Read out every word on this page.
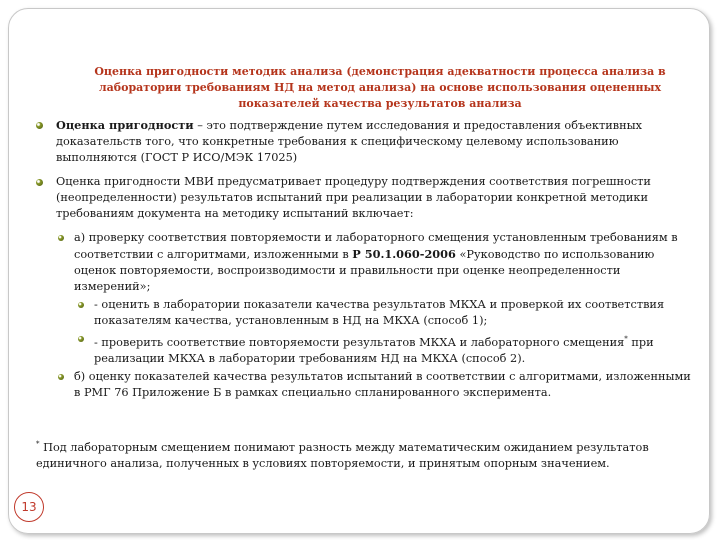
Оценка пригодности методик анализа (демонстрация адекватности процесса анализа в лаборатории требованиям НД на метод анализа) на основе использования оцененных показателей качества результатов анализа
Оценка пригодности – это подтверждение путем исследования и предоставления объективных доказательств того, что конкретные требования к специфическому целевому использованию выполняются (ГОСТ Р ИСО/МЭК 17025)
Оценка пригодности МВИ предусматривает процедуру подтверждения соответствия погрешности (неопределенности) результатов испытаний при реализации в лаборатории конкретной методики требованиям документа на методику испытаний включает:
а) проверку соответствия повторяемости и лабораторного смещения установленным требованиям в соответствии с алгоритмами, изложенными в Р 50.1.060-2006 «Руководство по использованию оценок повторяемости, воспроизводимости и правильности при оценке неопределенности измерений»;
- оценить в лаборатории показатели качества результатов МКХА и проверкой их соответствия показателям качества, установленным в НД на МКХА (способ 1);
- проверить соответствие повторяемости результатов МКХА и лабораторного смещения* при реализации МКХА в лаборатории требованиям НД на МКХА (способ 2).
б) оценку показателей качества результатов испытаний в соответствии с алгоритмами, изложенными в РМГ 76 Приложение Б в рамках специально спланированного эксперимента.
* Под лабораторным смещением понимают разность между математическим ожиданием результатов единичного анализа, полученных в условиях повторяемости, и принятым опорным значением.
13
